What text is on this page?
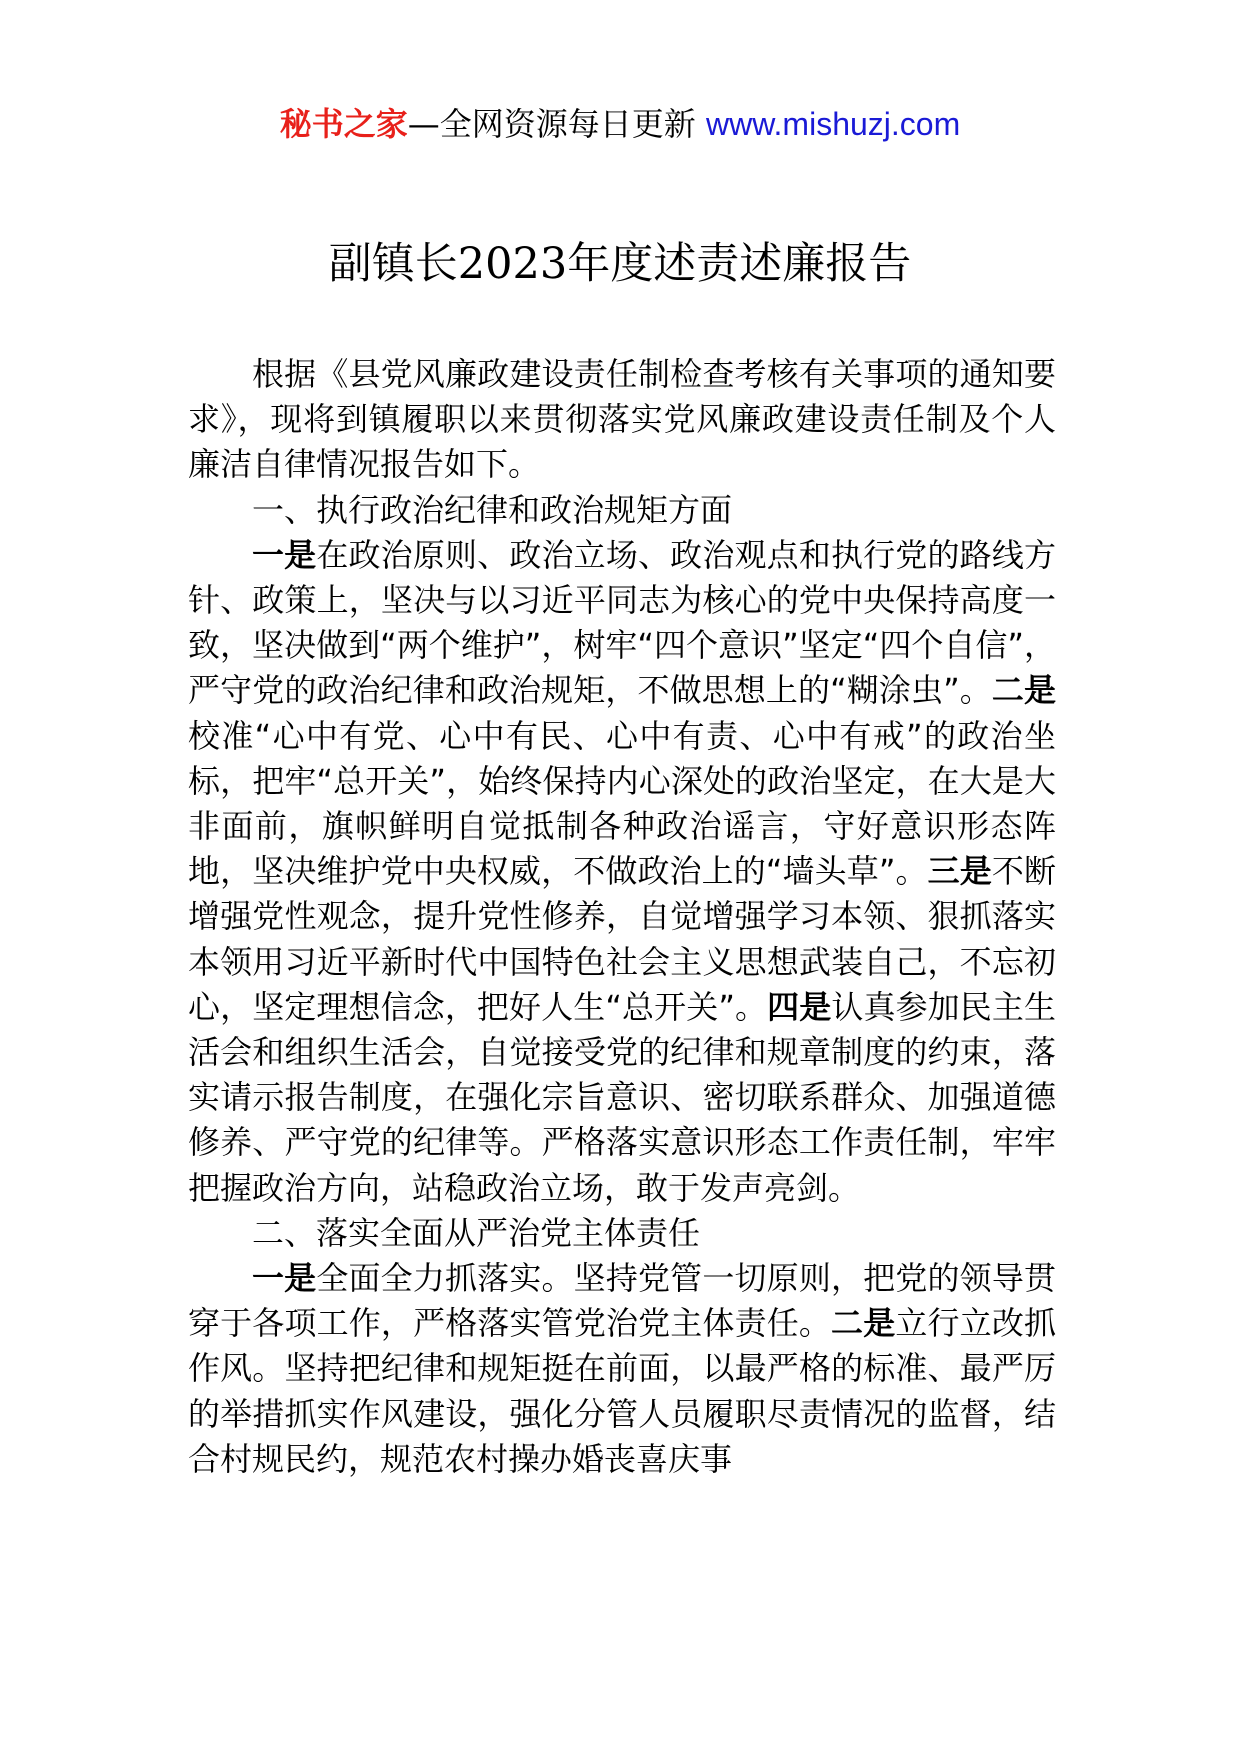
秘书之家—全网资源每日更新 www.mishuzj.com
副镇长2023年度述责述廉报告

根据《县党风廉政建设责任制检查考核有关事项的通知要求》，现将到镇履职以来贯彻落实党风廉政建设责任制及个人廉洁自律情况报告如下。

一、执行政治纪律和政治规矩方面

一是在政治原则、政治立场、政治观点和执行党的路线方针、政策上，坚决与以习近平同志为核心的党中央保持高度一致，坚决做到“两个维护”，树牢“四个意识”坚定“四个自信”，严守党的政治纪律和政治规矩，不做思想上的“糊涂虫”。二是校准“心中有党、心中有民、心中有责、心中有戒”的政治坐标，把牢“总开关”，始终保持内心深处的政治坚定，在大是大非面前，旗帜鲜明自觉抵制各种政治谣言，守好意识形态阵地，坚决维护党中央权威，不做政治上的“墙头草”。三是不断增强党性观念，提升党性修养，自觉增强学习本领、狠抓落实本领用习近平新时代中国特色社会主义思想武装自己，不忘初心，坚定理想信念，把好人生“总开关”。四是认真参加民主生活会和组织生活会，自觉接受党的纪律和规章制度的约束，落实请示报告制度，在强化宗旨意识、密切联系群众、加强道德修养、严守党的纪律等。严格落实意识形态工作责任制，牢牢把握政治方向，站稳政治立场，敢于发声亮剑。

二、落实全面从严治党主体责任

一是全面全力抓落实。坚持党管一切原则，把党的领导贯穿于各项工作，严格落实管党治党主体责任。二是立行立改抓作风。坚持把纪律和规矩挺在前面，以最严格的标准、最严厉的举措抓实作风建设，强化分管人员履职尽责情况的监督，结合村规民约，规范农村操办婚丧喜庆事
